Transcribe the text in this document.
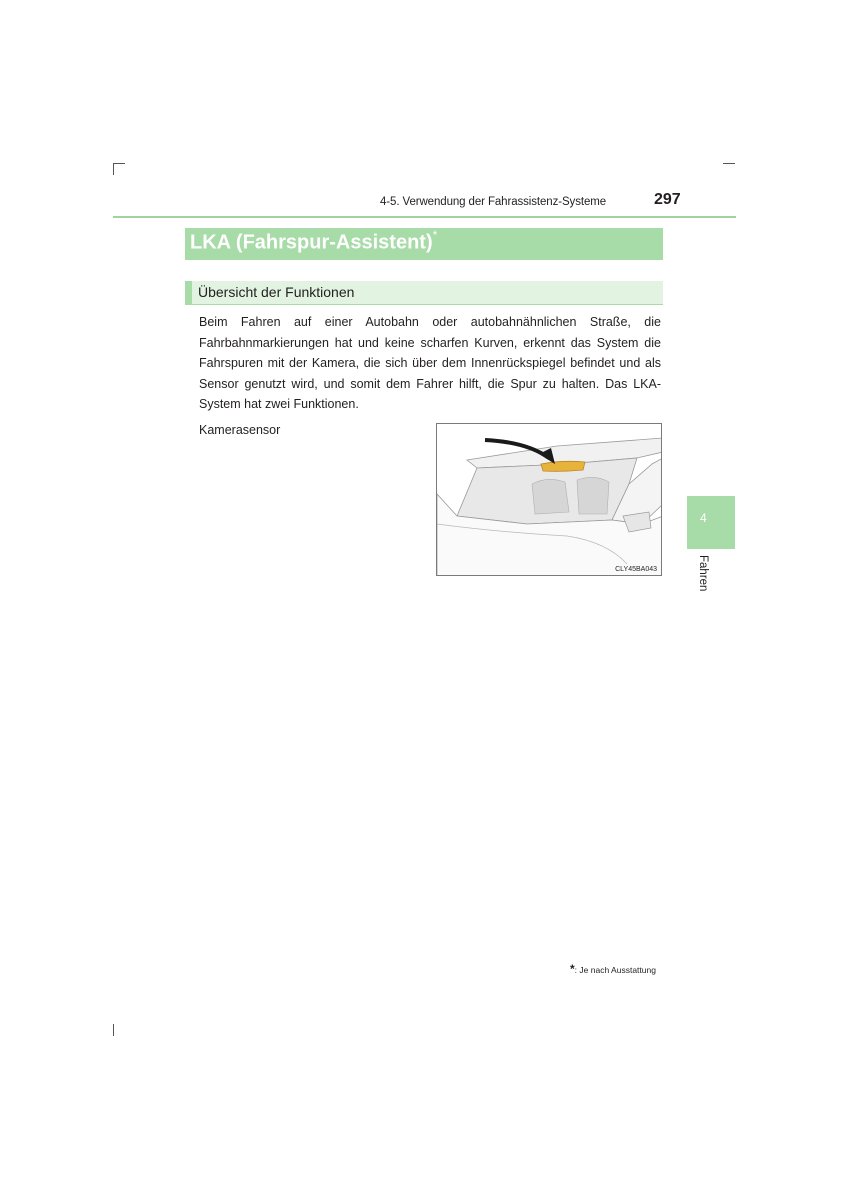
4-5. Verwendung der Fahrassistenz-Systeme	297
LKA (Fahrspur-Assistent)*
Übersicht der Funktionen
Beim Fahren auf einer Autobahn oder autobahnähnlichen Straße, die Fahrbahnmarkierungen hat und keine scharfen Kurven, erkennt das System die Fahrspuren mit der Kamera, die sich über dem Innenrückspiegel befindet und als Sensor genutzt wird, und somit dem Fahrer hilft, die Spur zu halten. Das LKA-System hat zwei Funktionen.
Kamerasensor
CLY45BA043
4
Fahren
*: Je nach Ausstattung
